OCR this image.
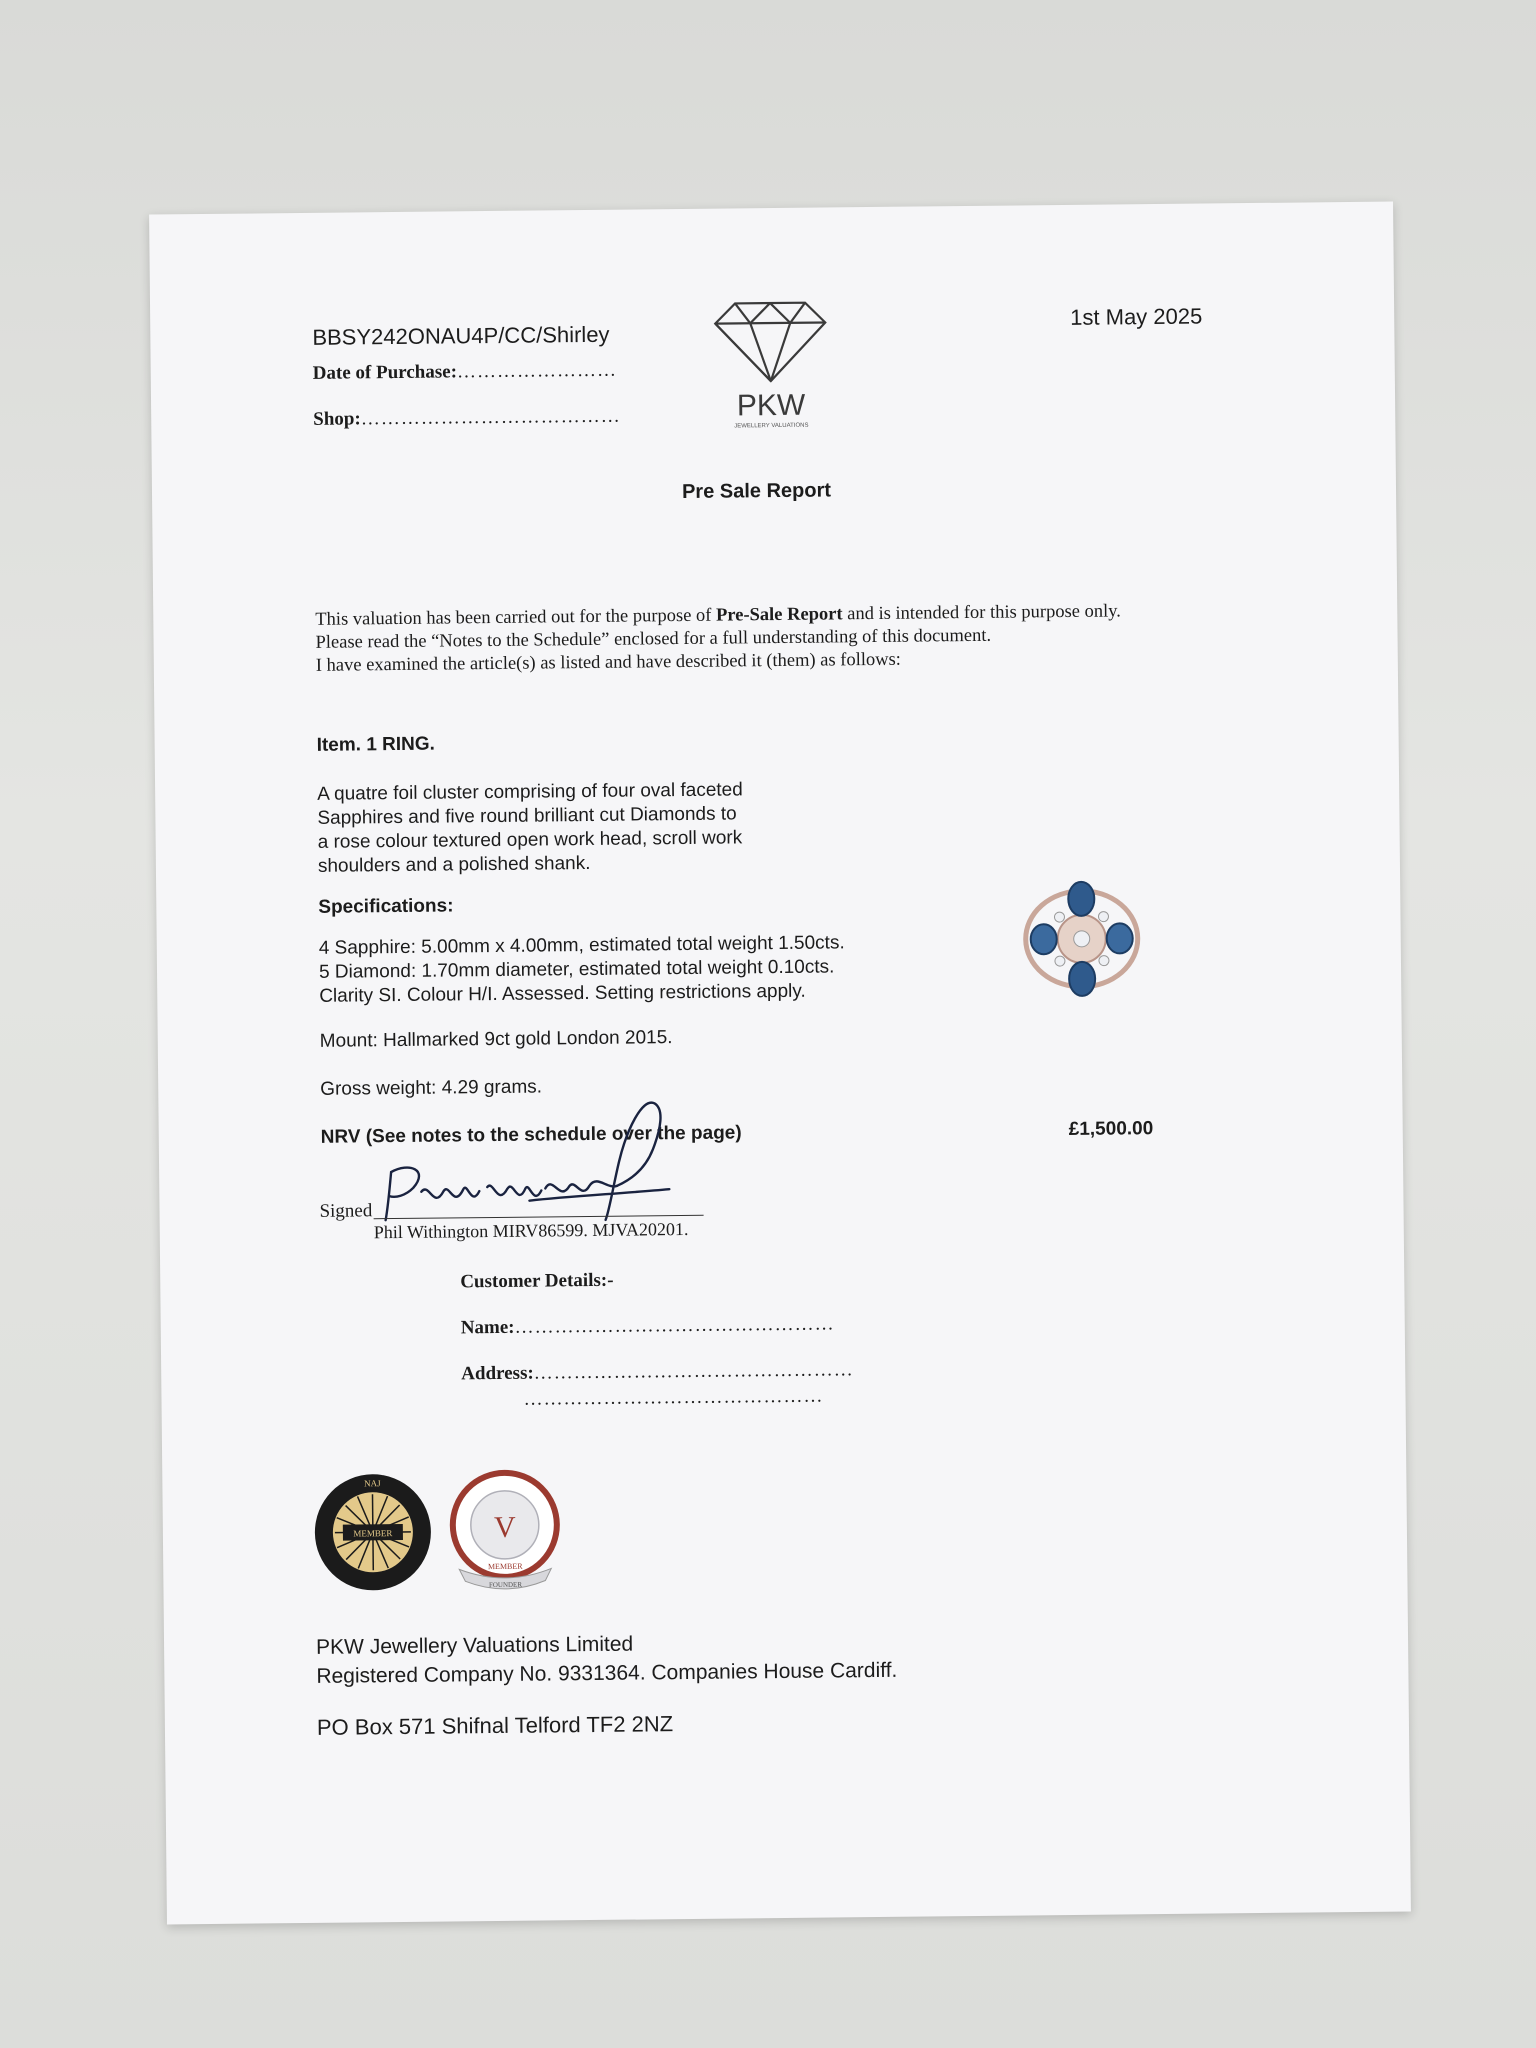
BBSY242ONAU4P/CC/Shirley
1st May 2025
Date of Purchase:……………………
Shop:…………………………………	PKW
JEWELLERY VALUATIONS
Pre Sale Report
This valuation has been carried out for the purpose of Pre-Sale Report and is intended for this purpose only.
Please read the “Notes to the Schedule” enclosed for a full understanding of this document.
I have examined the article(s) as listed and have described it (them) as follows:
Item. 1 RING.
A quatre foil cluster comprising of four oval faceted
Sapphires and five round brilliant cut Diamonds to
a rose colour textured open work head, scroll work
shoulders and a polished shank.
Specifications:
4 Sapphire: 5.00mm x 4.00mm, estimated total weight 1.50cts.
5 Diamond: 1.70mm diameter, estimated total weight 0.10cts.
Clarity SI. Colour H/I. Assessed. Setting restrictions apply.
Mount: Hallmarked 9ct gold London 2015.
Gross weight: 4.29 grams.
NRV (See notes to the schedule over the page)	£1,500.00
Signed
Phil Withington MIRV86599. MJVA20201.
Customer Details:-
Name:…………………………………………
Address:…………………………………………
………………………………………
MEMBER
NAJ
V
MEMBER
FOUNDER
PKW Jewellery Valuations Limited
Registered Company No. 9331364. Companies House Cardiff.
PO Box 571 Shifnal Telford TF2 2NZ
